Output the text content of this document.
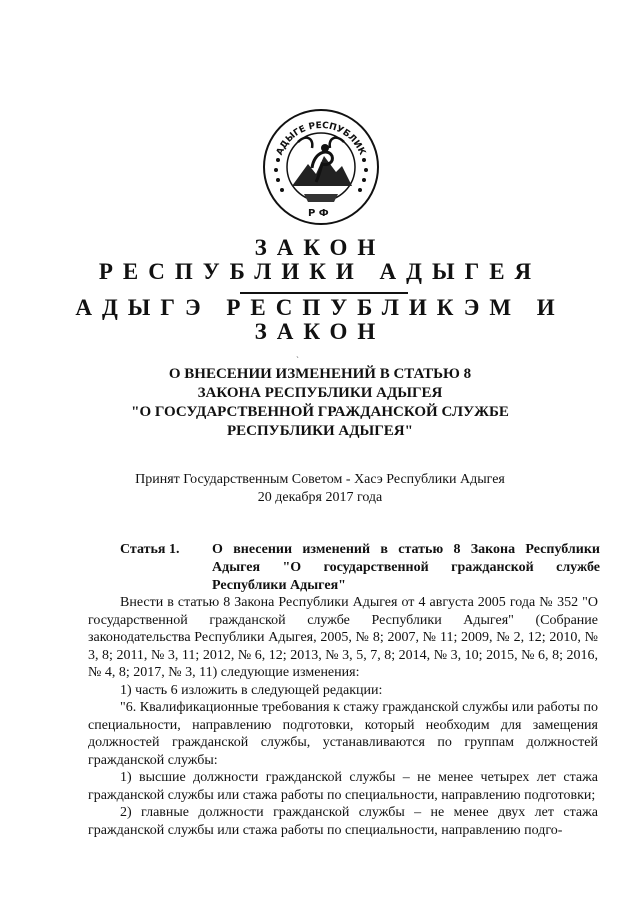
АДЫГЕ РЕСПУБЛИК
Р Ф
ЗАКОН
РЕСПУБЛИКИ АДЫГЕЯ
АДЫГЭ РЕСПУБЛИКЭМ И
ЗАКОН
`
О ВНЕСЕНИИ ИЗМЕНЕНИЙ В СТАТЬЮ 8
ЗАКОНА РЕСПУБЛИКИ АДЫГЕЯ
"О ГОСУДАРСТВЕННОЙ ГРАЖДАНСКОЙ СЛУЖБЕ
РЕСПУБЛИКИ АДЫГЕЯ"
Принят Государственным Советом - Хасэ Республики Адыгея
20 декабря 2017 года
Статья 1. О внесении изменений в статью 8 Закона Республики Адыгея "О государственной гражданской службе Республики Адыгея"

Внести в статью 8 Закона Республики Адыгея от 4 августа 2005 года № 352 "О государственной гражданской службе Республики Адыгея" (Собрание законодательства Республики Адыгея, 2005, № 8; 2007, № 11; 2009, № 2, 12; 2010, № 3, 8; 2011, № 3, 11; 2012, № 6, 12; 2013, № 3, 5, 7, 8; 2014, № 3, 10; 2015, № 6, 8; 2016, № 4, 8; 2017, № 3, 11) следующие изменения:

1) часть 6 изложить в следующей редакции:

"6. Квалификационные требования к стажу гражданской службы или работы по специальности, направлению подготовки, который необходим для замещения должностей гражданской службы, устанавливаются по группам должностей гражданской службы:

1) высшие должности гражданской службы – не менее четырех лет стажа гражданской службы или стажа работы по специальности, направлению подготовки;

2) главные должности гражданской службы – не менее двух лет стажа гражданской службы или стажа работы по специальности, направлению подго-
